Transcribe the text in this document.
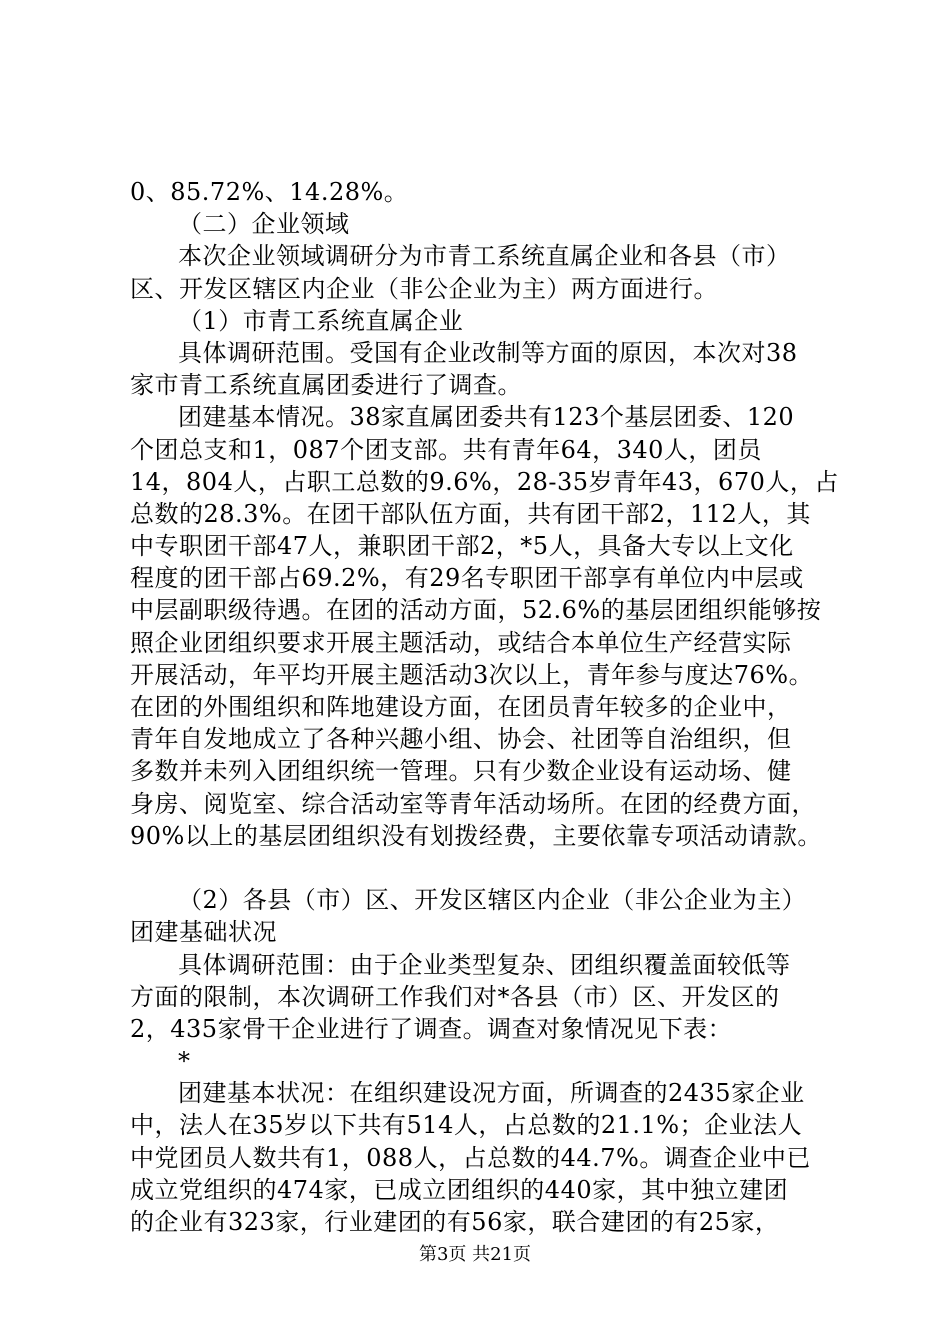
0、85.72%、14.28%。
（二）企业领域
本次企业领域调研分为市青工系统直属企业和各县（市）
区、开发区辖区内企业（非公企业为主）两方面进行。
（1）市青工系统直属企业
具体调研范围。受国有企业改制等方面的原因，本次对38
家市青工系统直属团委进行了调查。
团建基本情况。38家直属团委共有123个基层团委、120
个团总支和1，087个团支部。共有青年64，340人，团员
14，804人，占职工总数的9.6%，28-35岁青年43，670人，占
总数的28.3%。在团干部队伍方面，共有团干部2，112人，其
中专职团干部47人，兼职团干部2，*5人，具备大专以上文化
程度的团干部占69.2%，有29名专职团干部享有单位内中层或
中层副职级待遇。在团的活动方面，52.6%的基层团组织能够按
照企业团组织要求开展主题活动，或结合本单位生产经营实际
开展活动，年平均开展主题活动3次以上，青年参与度达76%。
在团的外围组织和阵地建设方面，在团员青年较多的企业中，
青年自发地成立了各种兴趣小组、协会、社团等自治组织，但
多数并未列入团组织统一管理。只有少数企业设有运动场、健
身房、阅览室、综合活动室等青年活动场所。在团的经费方面，
90%以上的基层团组织没有划拨经费，主要依靠专项活动请款。
（2）各县（市）区、开发区辖区内企业（非公企业为主）
团建基础状况
具体调研范围：由于企业类型复杂、团组织覆盖面较低等
方面的限制，本次调研工作我们对*各县（市）区、开发区的
2，435家骨干企业进行了调查。调查对象情况见下表：
*
团建基本状况：在组织建设况方面，所调查的2435家企业
中，法人在35岁以下共有514人，占总数的21.1%；企业法人
中党团员人数共有1，088人，占总数的44.7%。调查企业中已
成立党组织的474家，已成立团组织的440家，其中独立建团
的企业有323家，行业建团的有56家，联合建团的有25家，
第3页 共21页
